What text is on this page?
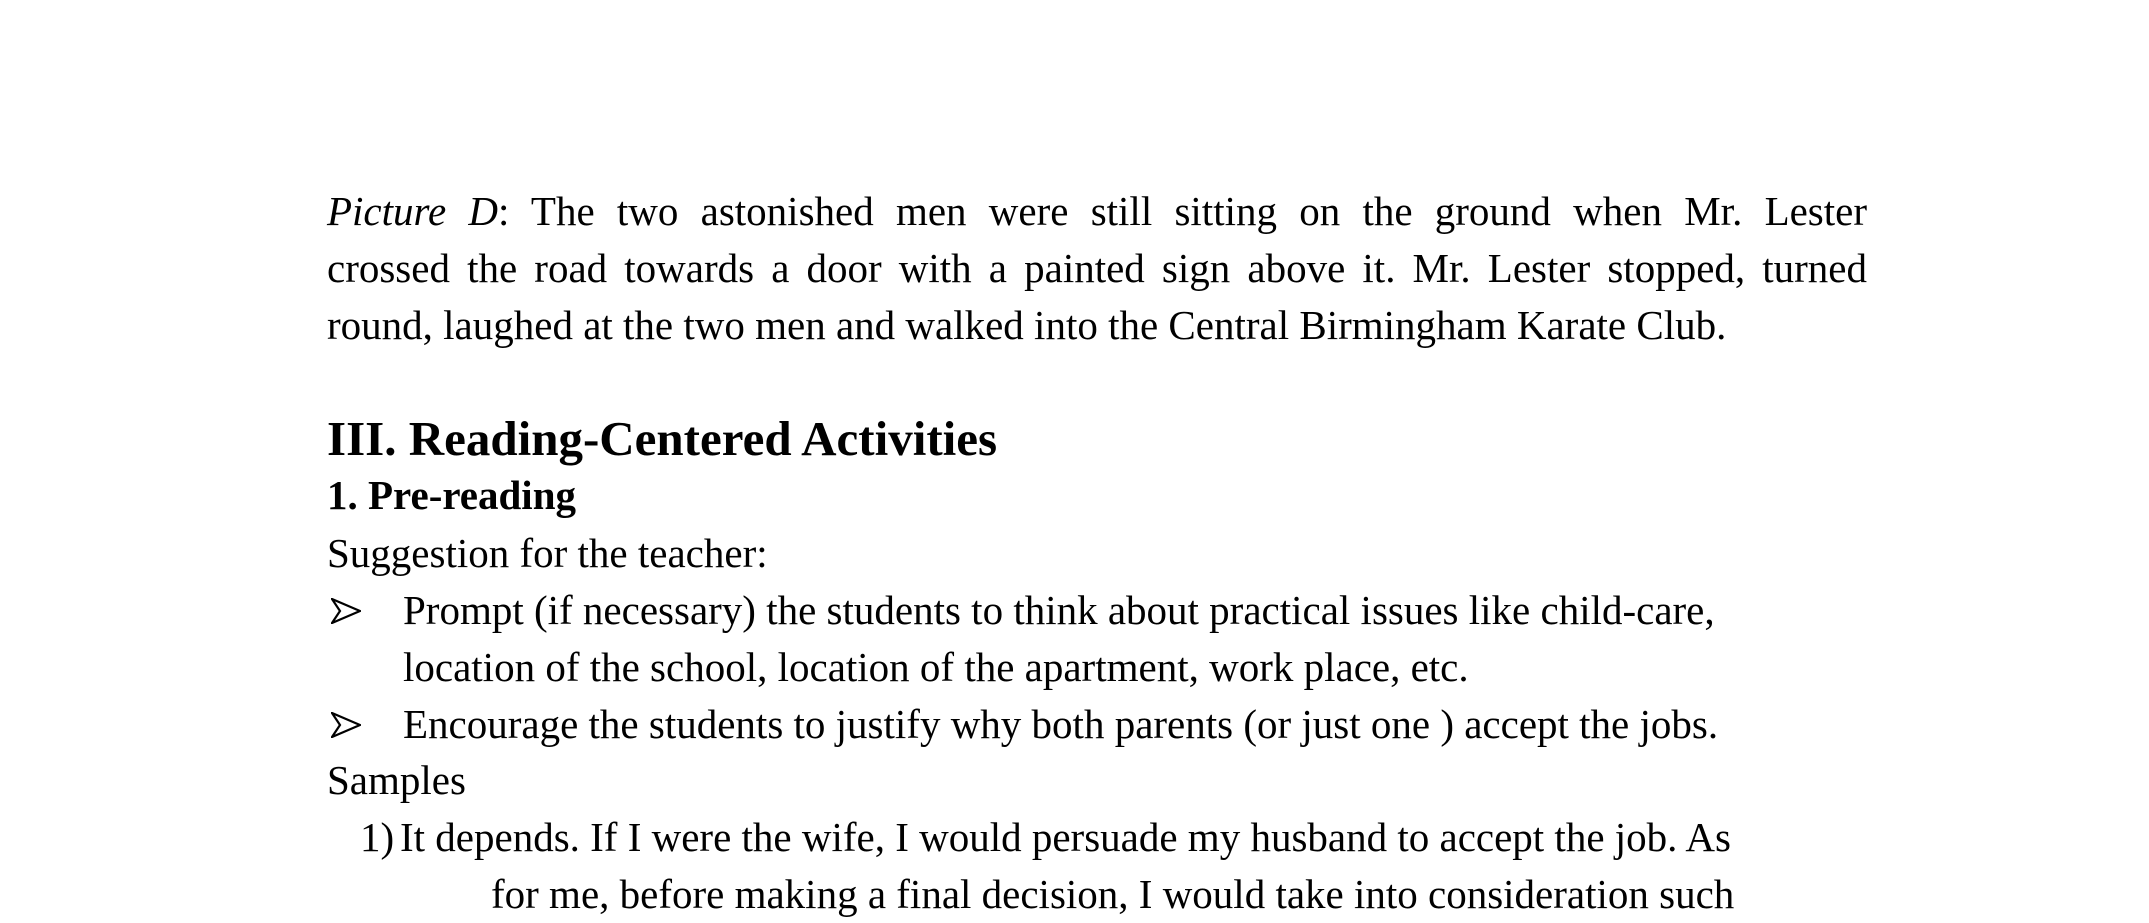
Picture D: The two astonished men were still sitting on the ground when Mr. Lester
crossed the road towards a door with a painted sign above it. Mr. Lester stopped, turned
round, laughed at the two men and walked into the Central Birmingham Karate Club.
III. Reading-Centered Activities
1. Pre-reading
Suggestion for the teacher:
Prompt (if necessary) the students to think about practical issues like child-care,
location of the school, location of the apartment, work place, etc.
Encourage the students to justify why both parents (or just one ) accept the jobs.
Samples
1) It depends. If I were the wife, I would persuade my husband to accept the job. As
for me, before making a final decision, I would take into consideration such
